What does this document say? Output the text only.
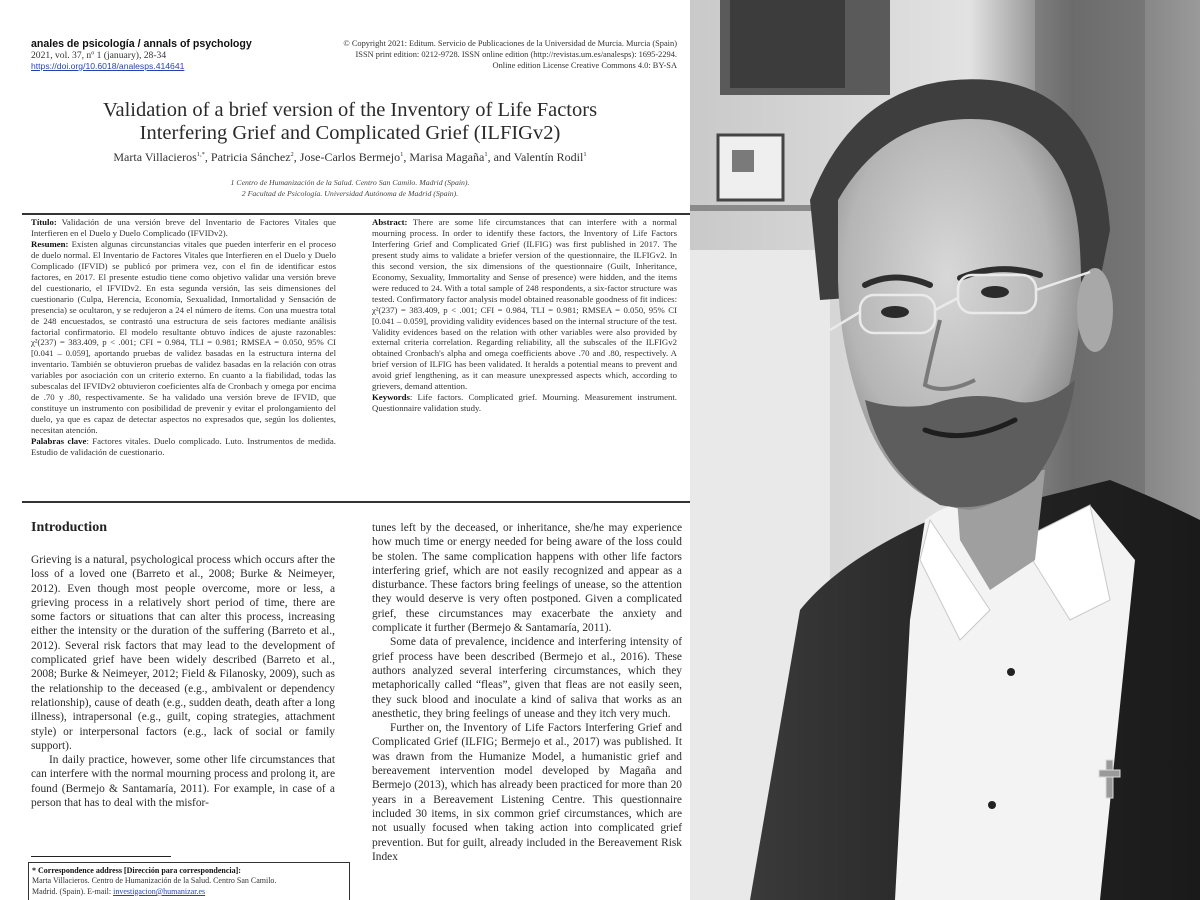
anales de psicología / annals of psychology
2021, vol. 37, nº 1 (january), 28-34
https://doi.org/10.6018/analesps.414641
© Copyright 2021: Editum. Servicio de Publicaciones de la Universidad de Murcia. Murcia (Spain)
ISSN print edition: 0212-9728. ISSN online edition (http://revistas.um.es/analesps): 1695-2294.
Online edition License Creative Commons 4.0: BY-SA
Validation of a brief version of the Inventory of Life Factors
Interfering Grief and Complicated Grief (ILFIGv2)
Marta Villacieros$^{1,*}$, Patricia Sánchez$^2$, Jose-Carlos Bermejo$^1$, Marisa Magaña$^1$, and Valentín Rodil$^1$
1 Centro de Humanización de la Salud. Centro San Camilo. Madrid (Spain).
2 Facultad de Psicología. Universidad Autónoma de Madrid (Spain).
Título: Validación de una versión breve del Inventario de Factores Vitales que Interfieren en el Duelo y Duelo Complicado (IFVIDv2).
Resumen: Existen algunas circunstancias vitales que pueden interferir en el proceso de duelo normal. El Inventario de Factores Vitales que Interfieren en el Duelo y Duelo Complicado (IFVID) se publicó por primera vez, con el fin de identificar estos factores, en 2017. El presente estudio tiene como objetivo validar una versión breve del cuestionario, el IFVIDv2. En esta segunda versión, las seis dimensiones del cuestionario (Culpa, Herencia, Economía, Sexualidad, Inmortalidad y Sensación de presencia) se ocultaron, y se redujeron a 24 el número de ítems. Con una muestra total de 248 encuestados, se contrastó una estructura de seis factores mediante análisis factorial confirmatorio. El modelo resultante obtuvo índices de ajuste razonables: χ²(237) = 383.409, p < .001; CFI = 0.984, TLI = 0.981; RMSEA = 0.050, 95% CI [0.041 – 0.059], aportando pruebas de validez basadas en la estructura interna del inventario. También se obtuvieron pruebas de validez basadas en la relación con otras variables por asociación con un criterio externo. En cuanto a la fiabilidad, todas las subescalas del IFVIDv2 obtuvieron coeficientes alfa de Cronbach y omega por encima de .70 y .80, respectivamente. Se ha validado una versión breve de IFVID, que constituye un instrumento con posibilidad de prevenir y evitar el prolongamiento del duelo, ya que es capaz de detectar aspectos no expresados que, según los dolientes, necesitan atención.
Palabras clave: Factores vitales. Duelo complicado. Luto. Instrumentos de medida. Estudio de validación de cuestionario.
Abstract: There are some life circumstances that can interfere with a normal mourning process. In order to identify these factors, the Inventory of Life Factors Interfering Grief and Complicated Grief (ILFIG) was first published in 2017. The present study aims to validate a briefer version of the questionnaire, the ILFIGv2. In this second version, the six dimensions of the questionnaire (Guilt, Inheritance, Economy, Sexuality, Immortality and Sense of presence) were hidden, and the items were reduced to 24. With a total sample of 248 respondents, a six-factor structure was tested. Confirmatory factor analysis model obtained reasonable goodness of fit indices: χ²(237) = 383.409, p < .001; CFI = 0.984, TLI = 0.981; RMSEA = 0.050, 95% CI [0.041 – 0.059], providing validity evidences based on the internal structure of the test. Validity evidences based on the relation with other variables were also provided by external criteria correlation. Regarding reliability, all the subscales of the ILFIGv2 obtained Cronbach's alpha and omega coefficients above .70 and .80, respectively. A brief version of ILFIG has been validated. It heralds a potential means to prevent and avoid grief lengthening, as it can measure unexpressed aspects which, according to grievers, demand attention.
Keywords: Life factors. Complicated grief. Mourning. Measurement instrument. Questionnaire validation study.
Introduction

Grieving is a natural, psychological process which occurs after the loss of a loved one (Barreto et al., 2008; Burke & Neimeyer, 2012). Even though most people overcome, more or less, a grieving process in a relatively short period of time, there are some factors or situations that can alter this process, increasing either the intensity or the duration of the suffering (Barreto et al., 2012). Several risk factors that may lead to the development of complicated grief have been widely described (Barreto et al., 2008; Burke & Neimeyer, 2012; Field & Filanosky, 2009), such as the relationship to the deceased (e.g., ambivalent or dependency relationship), cause of death (e.g., sudden death, death after a long illness), intrapersonal (e.g., guilt, coping strategies, attachment style) or interpersonal factors (e.g., lack of social or family support).

In daily practice, however, some other life circumstances that can interfere with the normal mourning process and prolong it, are found (Bermejo & Santamaría, 2011). For example, in case of a person that has to deal with the misfor-

tunes left by the deceased, or inheritance, she/he may experience how much time or energy needed for being aware of the loss could be stolen. The same complication happens with other life factors interfering grief, which are not easily recognized and appear as a disturbance. These factors bring feelings of unease, so the attention they would deserve is very often postponed. Given a complicated grief, these circumstances may exacerbate the anxiety and complicate it further (Bermejo & Santamaría, 2011).

Some data of prevalence, incidence and interfering intensity of grief process have been described (Bermejo et al., 2016). These authors analyzed several interfering circumstances, which they metaphorically called “fleas”, given that fleas are not easily seen, they suck blood and inoculate a kind of saliva that works as an anesthetic, they bring feelings of unease and they itch very much.

Further on, the Inventory of Life Factors Interfering Grief and Complicated Grief (ILFIG; Bermejo et al., 2017) was published. It was drawn from the Humanize Model, a humanistic grief and bereavement intervention model developed by Magaña and Bermejo (2013), which has already been practiced for more than 20 years in a Bereavement Listening Centre. This questionnaire included 30 items, in six common grief circumstances, which are not usually focused when taking action into complicated grief prevention. But for guilt, already included in the Bereavement Risk Index

* Correspondence address [Dirección para correspondencia]:
Marta Villacieros. Centro de Humanización de la Salud. Centro San Camilo.
Madrid. (Spain). E-mail: investigacion@humanizar.es
